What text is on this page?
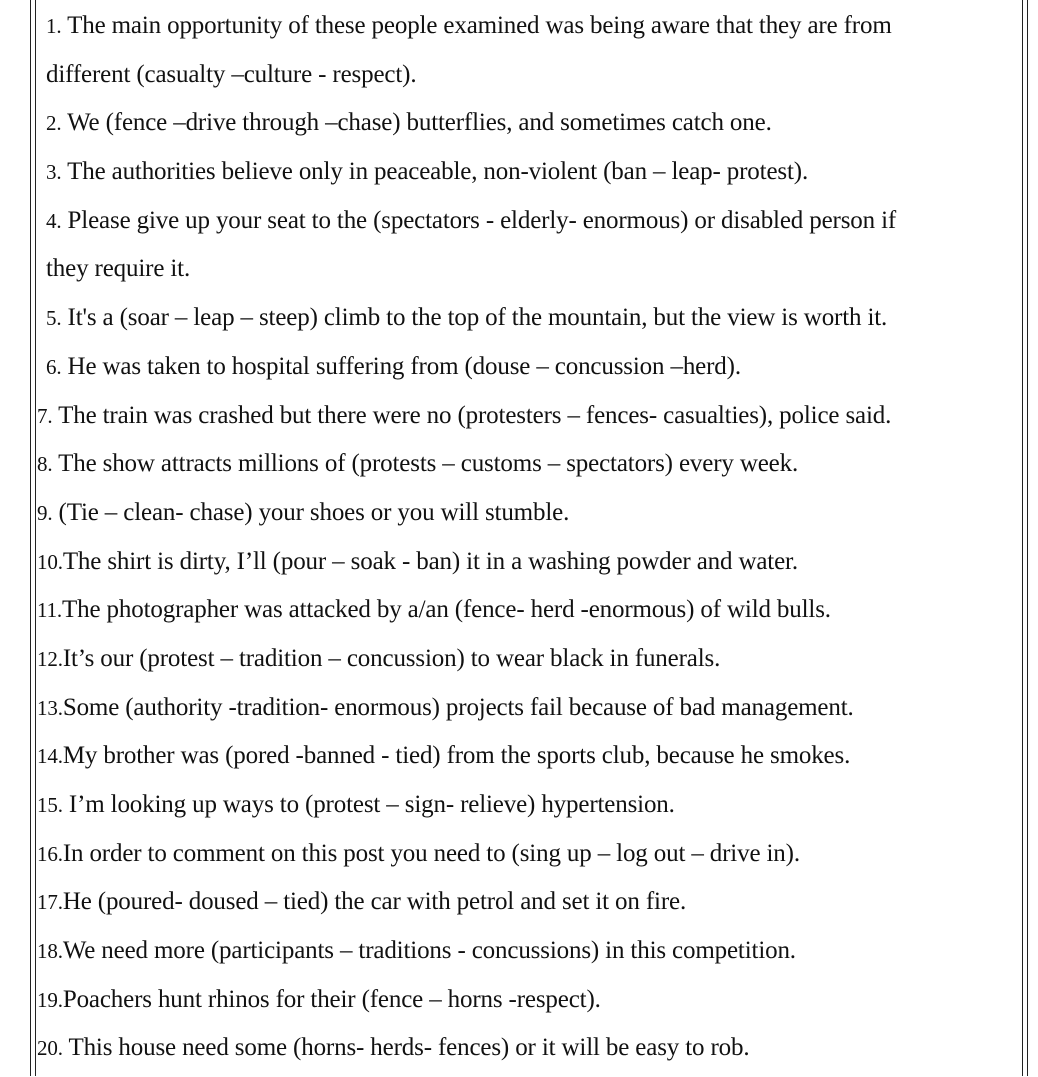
1. The main opportunity of these people examined was being aware that they are from
different (casualty –culture - respect).
2. We (fence –drive through –chase) butterflies, and sometimes catch one.
3. The authorities believe only in peaceable, non-violent (ban – leap- protest).
4. Please give up your seat to the (spectators - elderly- enormous) or disabled person if
they require it.
5. It's a (soar – leap – steep) climb to the top of the mountain, but the view is worth it.
6. He was taken to hospital suffering from (douse – concussion –herd).
7. The train was crashed but there were no (protesters – fences- casualties), police said.
8. The show attracts millions of (protests – customs – spectators) every week.
9. (Tie – clean- chase) your shoes or you will stumble.
10.The shirt is dirty, I’ll (pour – soak - ban) it in a washing powder and water.
11.The photographer was attacked by a/an (fence- herd -enormous) of wild bulls.
12.It’s our (protest – tradition – concussion) to wear black in funerals.
13.Some (authority -tradition- enormous) projects fail because of bad management.
14.My brother was (pored -banned - tied) from the sports club, because he smokes.
15. I’m looking up ways to (protest – sign- relieve) hypertension.
16.In order to comment on this post you need to (sing up – log out – drive in).
17.He (poured- doused – tied) the car with petrol and set it on fire.
18.We need more (participants – traditions - concussions) in this competition.
19.Poachers hunt rhinos for their (fence – horns -respect).
20. This house need some (horns- herds- fences) or it will be easy to rob.
